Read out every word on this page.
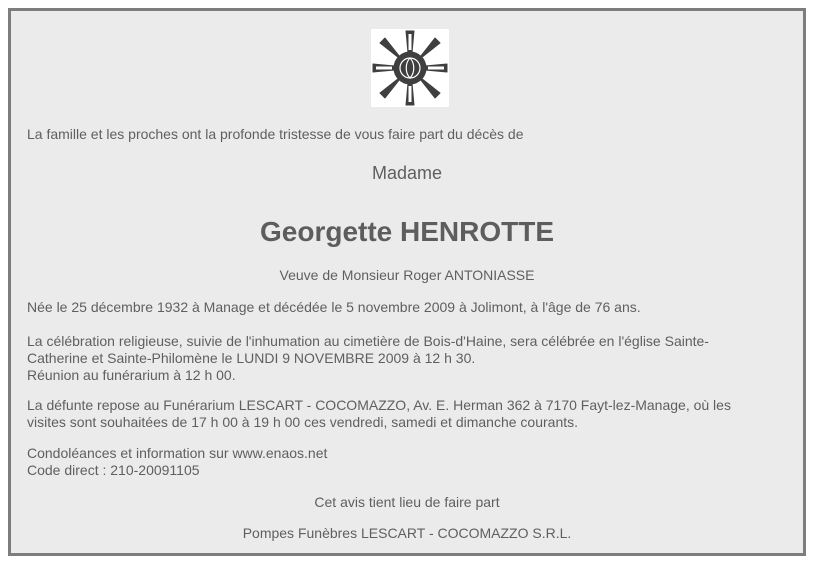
La famille et les proches ont la profonde tristesse de vous faire part du décès de
Madame
Georgette HENROTTE
Veuve de Monsieur Roger ANTONIASSE
Née le 25 décembre 1932 à Manage et décédée le 5 novembre 2009 à Jolimont, à l'âge de 76 ans.
La célébration religieuse, suivie de l'inhumation au cimetière de Bois-d'Haine, sera célébrée en l'église Sainte-
Catherine et Sainte-Philomène le LUNDI 9 NOVEMBRE 2009 à 12 h 30.
Réunion au funérarium à 12 h 00.
La défunte repose au Funérarium LESCART - COCOMAZZO, Av. E. Herman 362 à 7170 Fayt-lez-Manage, où les
visites sont souhaitées de 17 h 00 à 19 h 00 ces vendredi, samedi et dimanche courants.
Condoléances et information sur www.enaos.net
Code direct : 210-20091105
Cet avis tient lieu de faire part
Pompes Funèbres LESCART - COCOMAZZO S.R.L.
